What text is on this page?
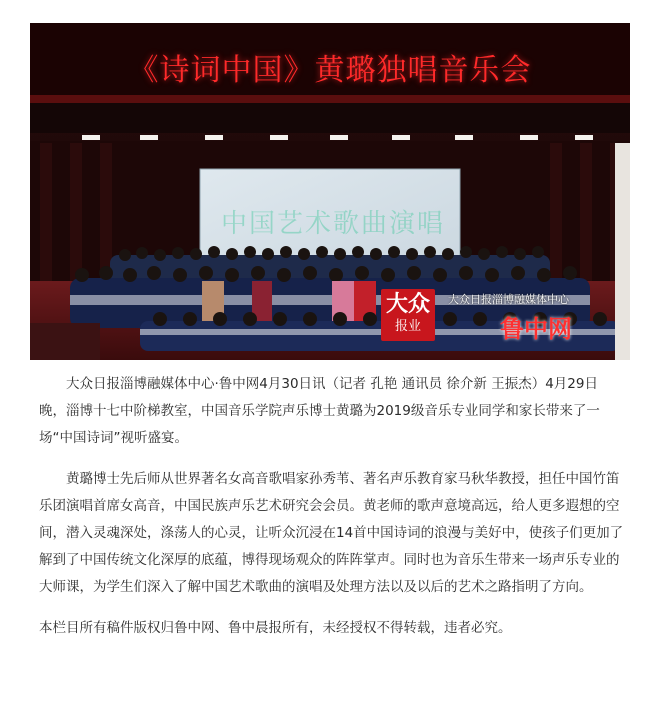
《诗词中国》黄璐独唱音乐会
中国艺术歌曲演唱
大众
报业
大众日报淄博融媒体中心
鲁中网

大众日报淄博融媒体中心·鲁中网4月30日讯（记者 孔艳 通讯员 徐介新 王振杰）4月29日晚，淄博十七中阶梯教室，中国音乐学院声乐博士黄璐为2019级音乐专业同学和家长带来了一场“中国诗词”视听盛宴。

黄璐博士先后师从世界著名女高音歌唱家孙秀苇、著名声乐教育家马秋华教授，担任中国竹笛乐团演唱首席女高音，中国民族声乐艺术研究会会员。黄老师的歌声意境高远，给人更多遐想的空间，潜入灵魂深处，涤荡人的心灵，让听众沉浸在14首中国诗词的浪漫与美好中，使孩子们更加了解到了中国传统文化深厚的底蕴，博得现场观众的阵阵掌声。同时也为音乐生带来一场声乐专业的大师课，为学生们深入了解中国艺术歌曲的演唱及处理方法以及以后的艺术之路指明了方向。

本栏目所有稿件版权归鲁中网、鲁中晨报所有，未经授权不得转载，违者必究。
